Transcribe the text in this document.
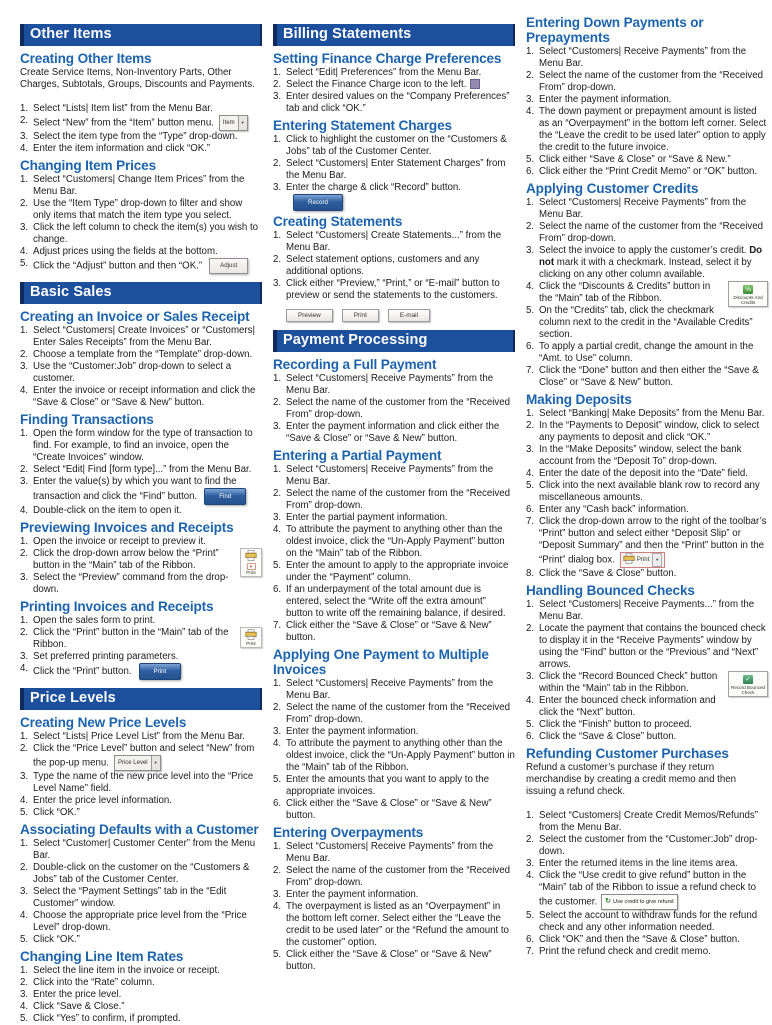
Other Items
Creating Other Items
Create Service Items, Non-Inventory Parts, Other Charges, Subtotals, Groups, Discounts and Payments.
Select “Lists| Item list” from the Menu Bar.
Select “New” from the “Item” button menu. Item ▼
Select the item type from the “Type” drop-down.
Enter the item information and click “OK.”
Changing Item Prices
Select “Customers| Change Item Prices” from the Menu Bar.
Use the “Item Type” drop-down to filter and show only items that match the item type you select.
Click the left column to check the item(s) you wish to change.
Adjust prices using the fields at the bottom.
Click the “Adjust” button and then “OK.”	Adjust
Basic Sales
Creating an Invoice or Sales Receipt
Select “Customers| Create Invoices” or “Customers| Enter Sales Receipts” from the Menu Bar.
Choose a template from the “Template” drop-down.
Use the “Customer:Job” drop-down to select a customer.
Enter the invoice or receipt information and click the “Save & Close” or “Save & New” button.
Finding Transactions
Open the form window for the type of transaction to find. For example, to find an invoice, open the “Create Invoices” window.
Select “Edit| Find [form type]...” from the Menu Bar.
Enter the value(s) by which you want to find the transaction and click the “Find” button.	Find
Double-click on the item to open it.
Previewing Invoices and Receipts
Open the invoice or receipt to preview it.
▼
Print
Click the drop-down arrow below the “Print” button in the “Main” tab of the Ribbon.
Select the “Preview” command from the drop-down.
Printing Invoices and Receipts
Open the sales form to print.
Print
Click the “Print” button in the “Main” tab of the Ribbon.
Set preferred printing parameters.
Click the “Print” button.	Print
Price Levels
Creating New Price Levels
Select “Lists| Price Level List” from the Menu Bar.
Click the “Price Level” button and select “New” from the pop-up menu. Price Level ▼
Type the name of the new price level into the “Price Level Name” field.
Enter the price level information.
Click “OK.”
Associating Defaults with a Customer
Select “Customer| Customer Center” from the Menu Bar.
Double-click on the customer on the “Customers & Jobs” tab of the Customer Center.
Select the “Payment Settings” tab in the “Edit Customer” window.
Choose the appropriate price level from the “Price Level” drop-down.
Click “OK.”
Changing Line Item Rates
Select the line item in the invoice or receipt.
Click into the “Rate” column.
Enter the price level.
Click “Save & Close.”
Click “Yes” to confirm, if prompted.
Billing Statements
Setting Finance Charge Preferences
Select “Edit| Preferences” from the Menu Bar.
Select the Finance Charge icon to the left.
Enter desired values on the “Company Preferences” tab and click “OK.”
Entering Statement Charges
Click to highlight the customer on the “Customers & Jobs” tab of the Customer Center.
Select “Customers| Enter Statement Charges” from the Menu Bar.
Enter the charge & click “Record” button.Record
Creating Statements
Select “Customers| Create Statements...” from the Menu Bar.
Select statement options, customers and any additional options.
Click either “Preview,” “Print,” or “E-mail” button to preview or send the statements to the customers.
Preview	Print	E-mail
Payment Processing
Recording a Full Payment
Select “Customers| Receive Payments” from the Menu Bar.
Select the name of the customer from the “Received From” drop-down.
Enter the payment information and click either the “Save & Close” or “Save & New” button.
Entering a Partial Payment
Select “Customers| Receive Payments” from the Menu Bar.
Select the name of the customer from the “Received From” drop-down.
Enter the partial payment information.
To attribute the payment to anything other than the oldest invoice, click the “Un-Apply Payment” button on the “Main” tab of the Ribbon.
Enter the amount to apply to the appropriate invoice under the “Payment” column.
If an underpayment of the total amount due is entered, select the “Write off the extra amount” button to write off the remaining balance, if desired.
Click either the “Save & Close” or “Save & New” button.
Applying One Payment to Multiple Invoices
Select “Customers| Receive Payments” from the Menu Bar.
Select the name of the customer from the “Received From” drop-down.
Enter the payment information.
To attribute the payment to anything other than the oldest invoice, click the “Un-Apply Payment” button in the “Main” tab of the Ribbon.
Enter the amounts that you want to apply to the appropriate invoices.
Click either the “Save & Close” or “Save & New” button.
Entering Overpayments
Select “Customers| Receive Payments” from the Menu Bar.
Select the name of the customer from the “Received From” drop-down.
Enter the payment information.
The overpayment is listed as an “Overpayment” in the bottom left corner. Select either the “Leave the credit to be used later” or the “Refund the amount to the customer” option.
Click either the “Save & Close” or “Save & New” button.
Entering Down Payments or Prepayments
Select “Customers| Receive Payments” from the Menu Bar.
Select the name of the customer from the “Received From” drop-down.
Enter the payment information.
The down payment or prepayment amount is listed as an “Overpayment” in the bottom left corner. Select the “Leave the credit to be used later” option to apply the credit to the future invoice.
Click either “Save & Close” or “Save & New.”
Click either the “Print Credit Memo” or “OK” button.
Applying Customer Credits
Select “Customers| Receive Payments” from the Menu Bar.
Select the name of the customer from the “Received From” drop-down.
Select the invoice to apply the customer’s credit. Do not mark it with a checkmark. Instead, select it by clicking on any other column available.
%
Discounts And Credits
Click the “Discounts & Credits” button in the “Main” tab of the Ribbon.
On the “Credits” tab, click the checkmark column next to the credit in the “Available Credits” section.
To apply a partial credit, change the amount in the “Amt. to Use” column.
Click the “Done” button and then either the “Save & Close” or “Save & New” button.
Making Deposits
Select “Banking| Make Deposits” from the Menu Bar.
In the “Payments to Deposit” window, click to select any payments to deposit and click “OK.”
In the “Make Deposits” window, select the bank account from the “Deposit To” drop-down.
Enter the date of the deposit into the “Date” field.
Click into the next available blank row to record any miscellaneous amounts.
Enter any “Cash back” information.
Click the drop-down arrow to the right of the toolbar’s “Print” button and select either “Deposit Slip” or “Deposit Summary” and then the “Print” button in the “Print” dialog box.	Print ▼
Click the “Save & Close” button.
Handling Bounced Checks
Select “Customers| Receive Payments...” from the Menu Bar.
Locate the payment that contains the bounced check to display it in the “Receive Payments” window by using the “Find” button or the “Previous” and “Next” arrows.
✓
Record Bounced Check
Click the “Record Bounced Check” button within the “Main” tab in the Ribbon.
Enter the bounced check information and click the “Next” button.
Click the “Finish” button to proceed.
Click the “Save & Close” button.
Refunding Customer Purchases
Refund a customer’s purchase if they return merchandise by creating a credit memo and then issuing a refund check.
Select “Customers| Create Credit Memos/Refunds” from the Menu Bar.
Select the customer from the “Customer:Job” drop-down.
Enter the returned items in the line items area.
Click the “Use credit to give refund” button in the “Main” tab of the Ribbon to issue a refund check to the customer. ↻ Use credit to give refund
Select the account to withdraw funds for the refund check and any other information needed.
Click “OK” and then the “Save & Close” button.
Print the refund check and credit memo.
